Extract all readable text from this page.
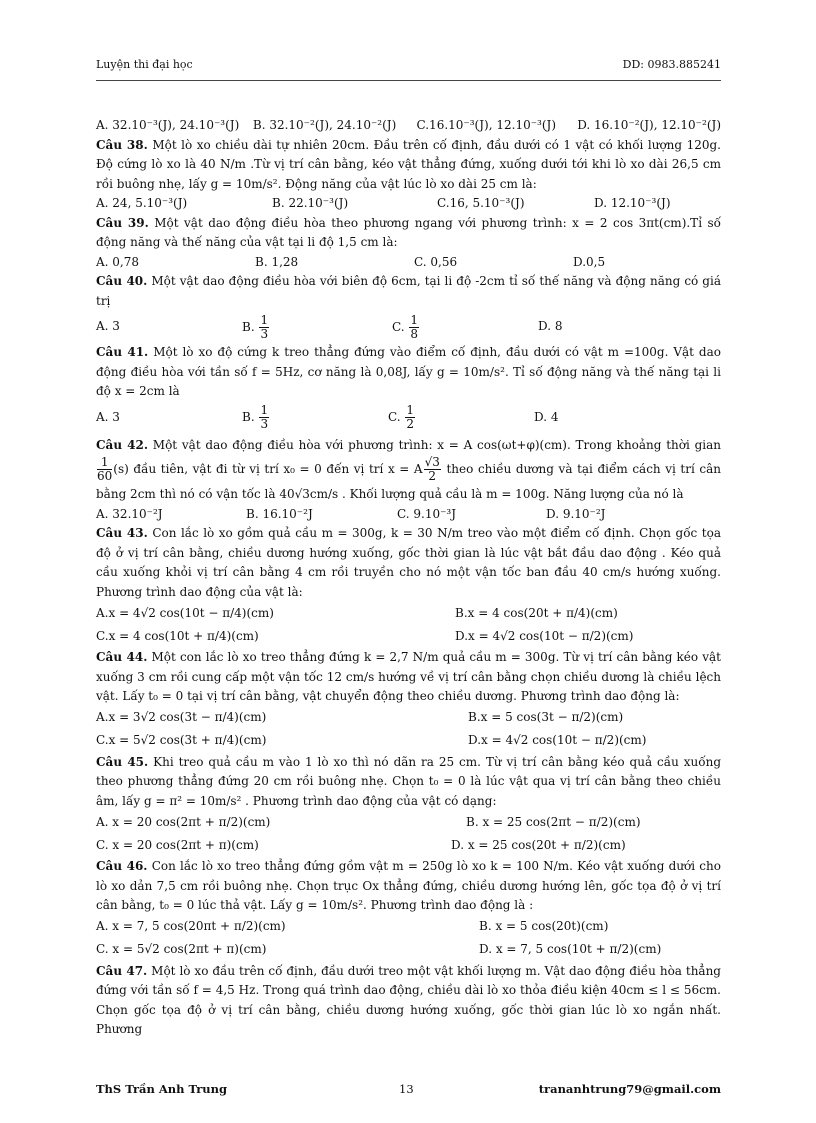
Luyện thi đại học	DD: 0983.885241
A. 32.10⁻³(J), 24.10⁻³(J)	B. 32.10⁻²(J), 24.10⁻²(J)	C.16.10⁻³(J), 12.10⁻³(J)	D. 16.10⁻²(J), 12.10⁻²(J)

Câu 38. Một lò xo chiều dài tự nhiên 20cm. Đầu trên cố định, đầu dưới có 1 vật có khối lượng 120g. Độ cứng lò xo là 40 N/m .Từ vị trí cân bằng, kéo vật thẳng đứng, xuống dưới tới khi lò xo dài 26,5 cm rồi buông nhẹ, lấy g = 10m/s². Động năng của vật lúc lò xo dài 25 cm là:

A. 24, 5.10⁻³(J)	B. 22.10⁻³(J)	C.16, 5.10⁻³(J)	D. 12.10⁻³(J)

Câu 39. Một vật dao động điều hòa theo phương ngang với phương trình: x = 2 cos 3πt(cm).Tỉ số động năng và thế năng của vật tại li độ 1,5 cm là:

A. 0,78	B. 1,28	C. 0,56	D.0,5

Câu 40. Một vật dao động điều hòa với biên độ 6cm, tại li độ -2cm tỉ số thế năng và động năng có giá trị

A. 3	B. $\frac{1}{3}$	C. $\frac{1}{8}$	D. 8

Câu 41. Một lò xo độ cứng k treo thẳng đứng vào điểm cố định, đầu dưới có vật m =100g. Vật dao động điều hòa với tần số f = 5Hz, cơ năng là 0,08J, lấy g = 10m/s². Tỉ số động năng và thế năng tại li độ x = 2cm là

A. 3	B. $\frac{1}{3}$	C. $\frac{1}{2}$	D. 4

Câu 42. Một vật dao động điều hòa với phương trình: x = A cos(ωt+φ)(cm). Trong khoảng thời gian
$\frac{1}{60} (s)$ đầu tiên, vật đi từ vị trí x₀ = 0 đến vị trí x = A $\frac{√3}{2}$ theo chiều dương và tại điểm cách vị trí cân bằng 2cm thì nó có vận tốc là 40√3cm/s . Khối lượng quả cầu là m = 100g. Năng lượng của nó là

A. 32.10⁻²J	B. 16.10⁻²J	C. 9.10⁻³J	D. 9.10⁻²J

Câu 43. Con lắc lò xo gồm quả cầu m = 300g, k = 30 N/m treo vào một điểm cố định. Chọn gốc tọa độ ở vị trí cân bằng, chiều dương hướng xuống, gốc thời gian là lúc vật bắt đầu dao động . Kéo quả cầu xuống khỏi vị trí cân bằng 4 cm rồi truyền cho nó một vận tốc ban đầu 40 cm/s hướng xuống. Phương trình dao động của vật là:

A.x = 4√2 cos(10t − π/4)(cm)	B.x = 4 cos(20t + π/4)(cm)
C.x = 4 cos(10t + π/4)(cm)	D.x = 4√2 cos(10t − π/2)(cm)

Câu 44. Một con lắc lò xo treo thẳng đứng k = 2,7 N/m quả cầu m = 300g. Từ vị trí cân bằng kéo vật xuống 3 cm rồi cung cấp một vận tốc 12 cm/s hướng về vị trí cân bằng chọn chiều dương là chiều lệch vật. Lấy t₀ = 0 tại vị trí cân bằng, vật chuyển động theo chiều dương. Phương trình dao động là:

A.x = 3√2 cos(3t − π/4)(cm)	B.x = 5 cos(3t − π/2)(cm)
C.x = 5√2 cos(3t + π/4)(cm)	D.x = 4√2 cos(10t − π/2)(cm)

Câu 45. Khi treo quả cầu m vào 1 lò xo thì nó dãn ra 25 cm. Từ vị trí cân bằng kéo quả cầu xuống theo phương thẳng đứng 20 cm rồi buông nhẹ. Chọn t₀ = 0 là lúc vật qua vị trí cân bằng theo chiều âm, lấy g = π² = 10m/s² . Phương trình dao động của vật có dạng:

A. x = 20 cos(2πt + π/2)(cm)	B. x = 25 cos(2πt − π/2)(cm)
C. x = 20 cos(2πt + π)(cm)	D. x = 25 cos(20t + π/2)(cm)

Câu 46. Con lắc lò xo treo thẳng đứng gồm vật m = 250g lò xo k = 100 N/m. Kéo vật xuống dưới cho lò xo dản 7,5 cm rồi buông nhẹ. Chọn trục Ox thẳng đứng, chiều dương hướng lên, gốc tọa độ ở vị trí cân bằng, t₀ = 0 lúc thả vật. Lấy g = 10m/s². Phương trình dao động là :

A. x = 7, 5 cos(20πt + π/2)(cm)	B. x = 5 cos(20t)(cm)
C. x = 5√2 cos(2πt + π)(cm)	D. x = 7, 5 cos(10t + π/2)(cm)

Câu 47. Một lò xo đầu trên cố định, đầu dưới treo một vật khối lượng m. Vật dao động điều hòa thẳng đứng với tần số f = 4,5 Hz. Trong quá trình dao động, chiều dài lò xo thỏa điều kiện 40cm ≤ l ≤ 56cm. Chọn gốc tọa độ ở vị trí cân bằng, chiều dương hướng xuống, gốc thời gian lúc lò xo ngắn nhất. Phương

ThS Trần Anh Trung	13	trananhtrung79@gmail.com
